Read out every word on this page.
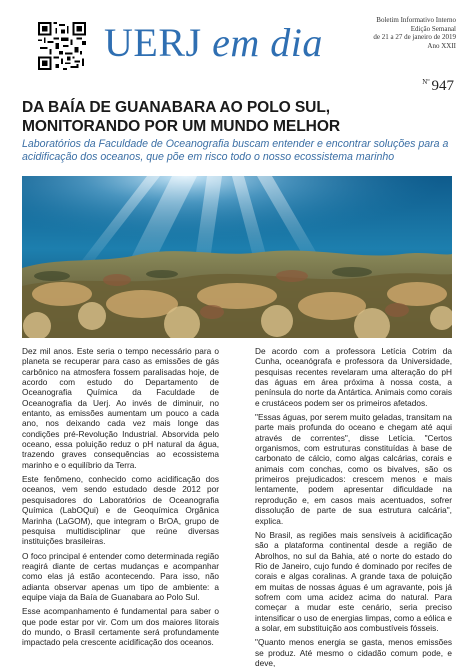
UERJ em dia	Boletim Informativo Interno
Edição Semanal
de 21 a 27 de janeiro de 2019
Ano XXII
$^{Nº}$ 947
DA BAÍA DE GUANABARA AO POLO SUL,
MONITORANDO POR UM MUNDO MELHOR

Laboratórios da Faculdade de Oceanografia buscam entender e encontrar soluções para a acidificação dos oceanos, que põe em risco todo o nosso ecossistema marinho

Dez mil anos. Este seria o tempo necessário para o planeta se recuperar para caso as emissões de gás carbônico na atmosfera fossem paralisadas hoje, de acordo com estudo do Departamento de Oceanografia Química da Faculdade de Oceanografia da Uerj. Ao invés de diminuir, no entanto, as emissões aumentam um pouco a cada ano, nos deixando cada vez mais longe das condições pré-Revolução Industrial. Absorvida pelo oceano, essa poluição reduz o pH natural da água, trazendo graves consequências ao ecossistema marinho e o equilíbrio da Terra.

Este fenômeno, conhecido como acidificação dos oceanos, vem sendo estudado desde 2012 por pesquisadores do Laboratórios de Oceanografia Química (LabOQui) e de Geoquímica Orgânica Marinha (LaGOM), que integram o BrOA, grupo de pesquisa multidisciplinar que reúne diversas instituições brasileiras.

O foco principal é entender como determinada região reagirá diante de certas mudanças e acompanhar como elas já estão acontecendo. Para isso, não adianta observar apenas um tipo de ambiente: a equipe viaja da Baía de Guanabara ao Polo Sul.

Esse acompanhamento é fundamental para saber o que pode estar por vir. Com um dos maiores litorais do mundo, o Brasil certamente será profundamente impactado pela crescente acidificação dos oceanos.

De acordo com a professora Letícia Cotrim da Cunha, oceanógrafa e professora da Universidade, pesquisas recentes revelaram uma alteração do pH das águas em área próxima à nossa costa, a península do norte da Antártica. Animais como corais e crustáceos podem ser os primeiros afetados.

"Essas águas, por serem muito geladas, transitam na parte mais profunda do oceano e chegam até aqui através de correntes", disse Letícia. "Certos organismos, com estruturas constituídas à base de carbonato de cálcio, como algas calcárias, corais e animais com conchas, como os bivalves, são os primeiros prejudicados: crescem menos e mais lentamente, podem apresentar dificuldade na reprodução e, em casos mais acentuados, sofrer dissolução de parte de sua estrutura calcária", explica.

No Brasil, as regiões mais sensíveis à acidificação são a plataforma continental desde a região de Abrolhos, no sul da Bahia, até o norte do estado do Rio de Janeiro, cujo fundo é dominado por recifes de corais e algas coralinas. A grande taxa de poluição em muitas de nossas águas é um agravante, pois já sofrem com uma acidez acima do natural. Para começar a mudar este cenário, seria preciso intensificar o uso de energias limpas, como a eólica e a solar, em substituição aos combustíveis fósseis.

"Quanto menos energia se gasta, menos emissões se produz. Até mesmo o cidadão comum pode, e deve,
